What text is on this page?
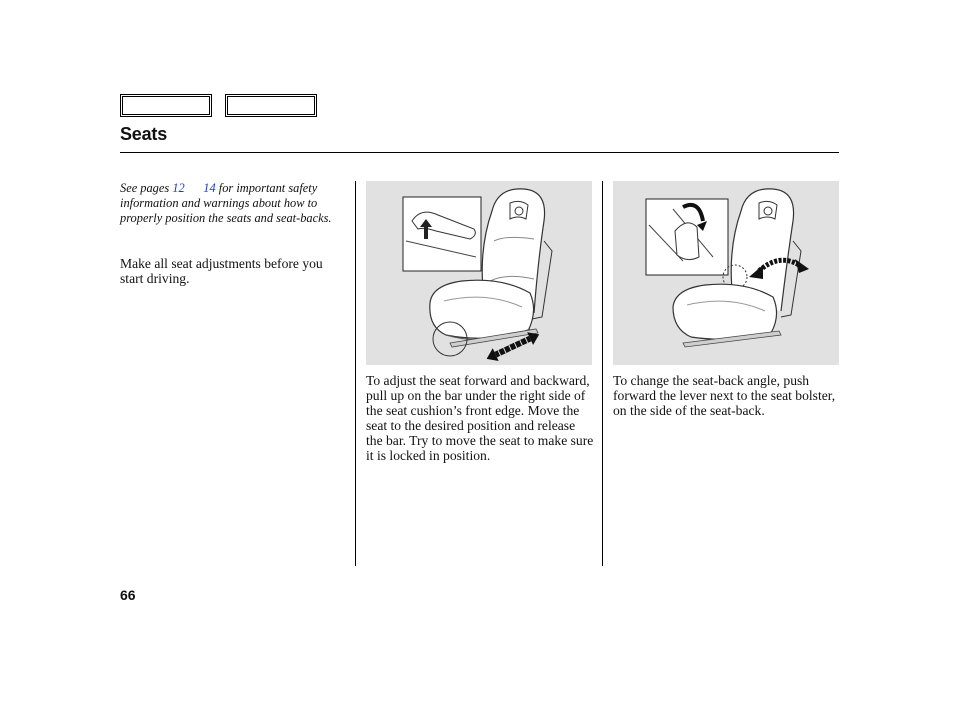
Seats
See pages 12 14 for important safety information and warnings about how to properly position the seats and seat-backs.
Make all seat adjustments before you start driving.
To adjust the seat forward and backward, pull up on the bar under the right side of the seat cushion’s front edge. Move the seat to the desired position and release the bar. Try to move the seat to make sure it is locked in position.
To change the seat-back angle, push forward the lever next to the seat bolster, on the side of the seat-back.
66
